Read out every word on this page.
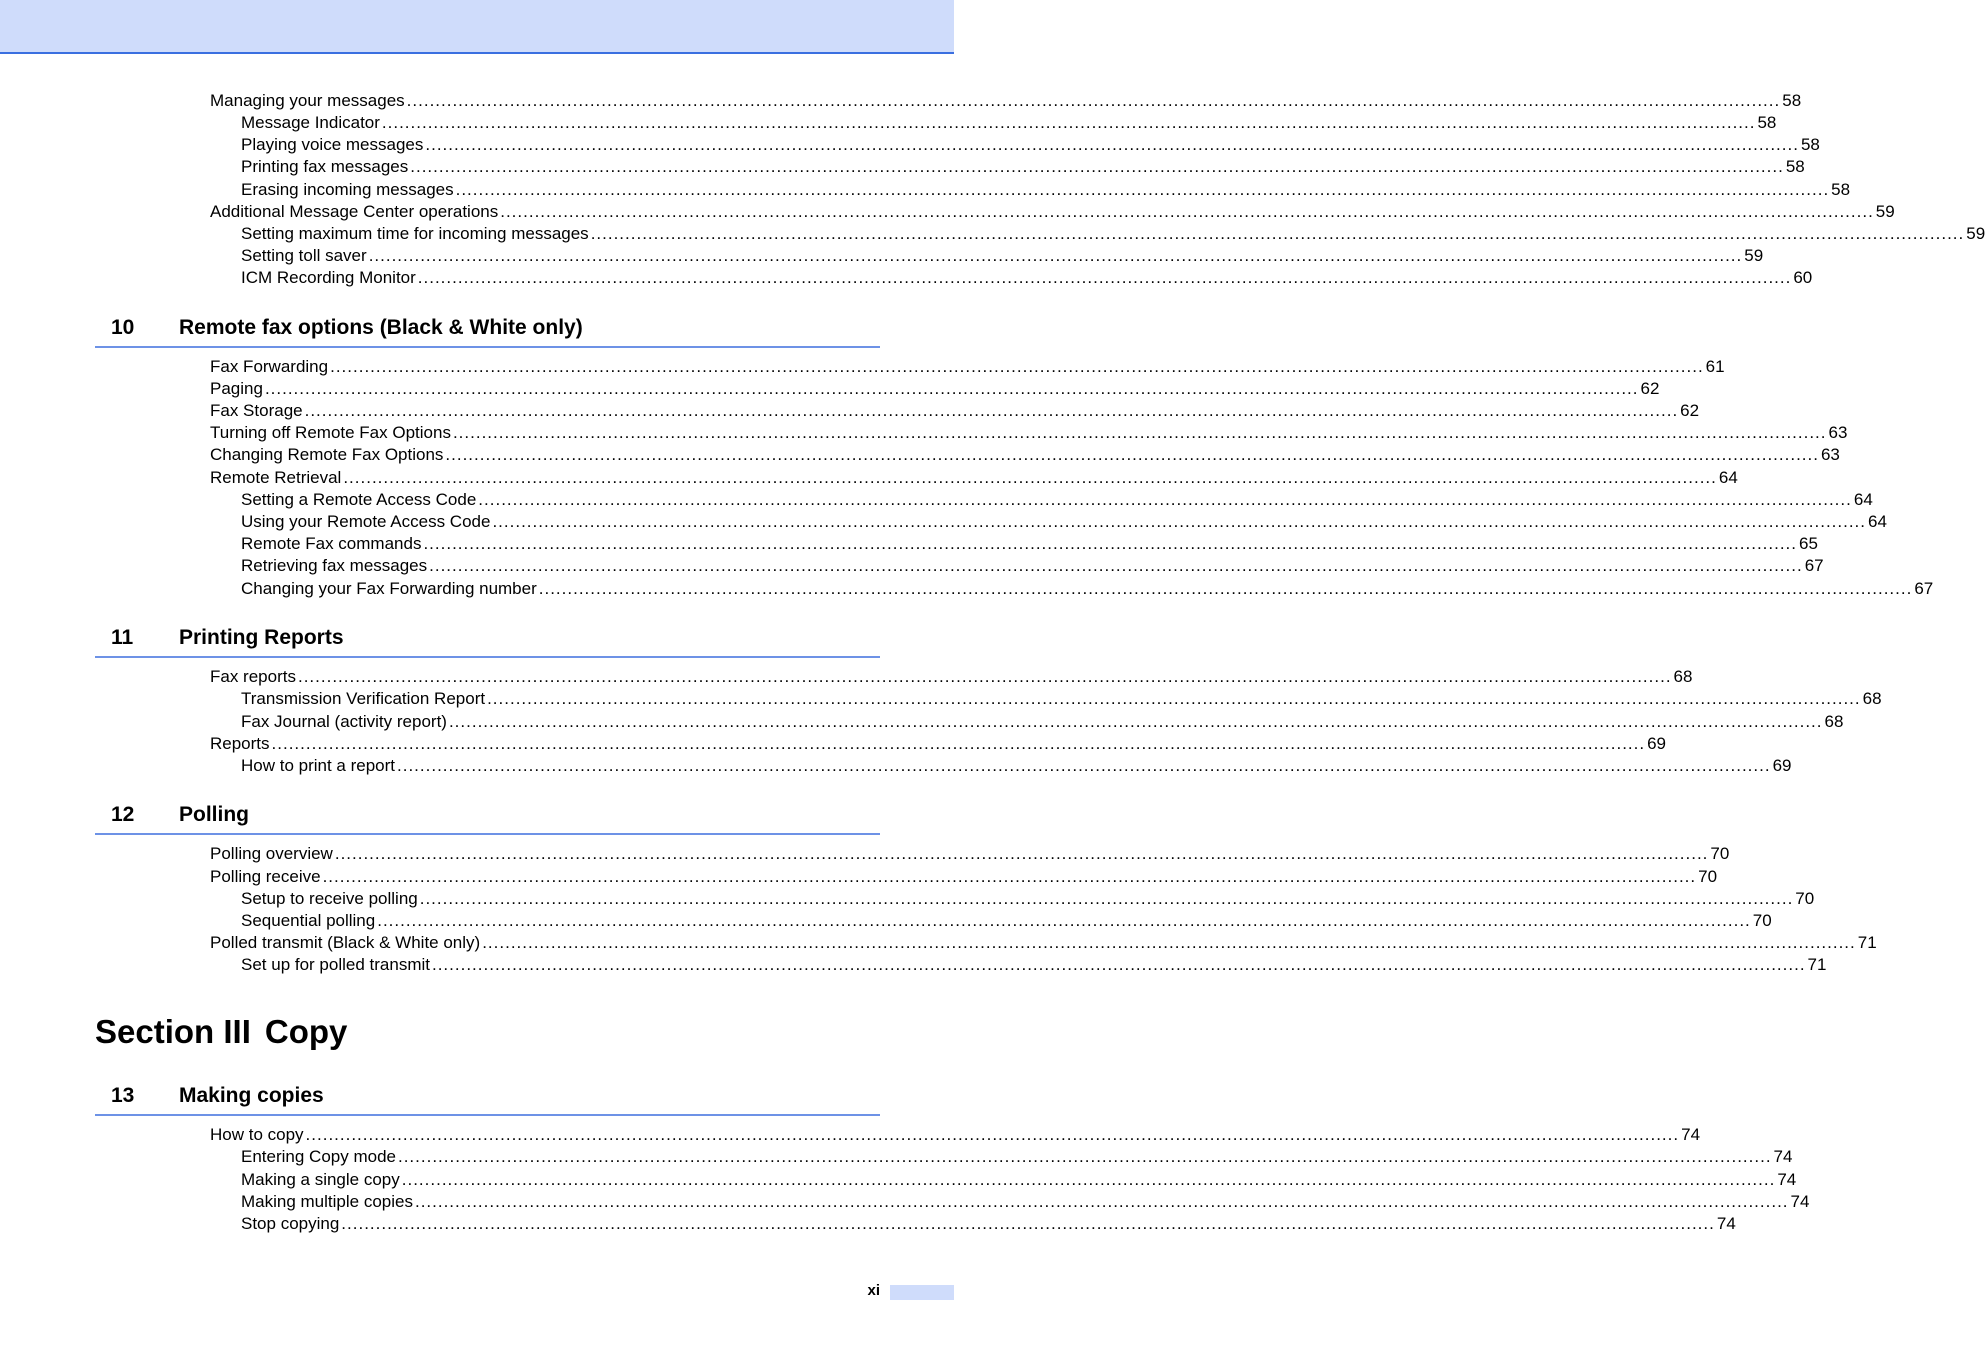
Managing your messages ................................................................................................................................................................................................................................................ 58
Message Indicator ................................................................................................................................................................................................................................................ 58
Playing voice messages ................................................................................................................................................................................................................................................ 58
Printing fax messages ................................................................................................................................................................................................................................................ 58
Erasing incoming messages ................................................................................................................................................................................................................................................ 58
Additional Message Center operations ................................................................................................................................................................................................................................................ 59
Setting maximum time for incoming messages ................................................................................................................................................................................................................................................ 59
Setting toll saver ................................................................................................................................................................................................................................................ 59
ICM Recording Monitor ................................................................................................................................................................................................................................................ 60
10 Remote fax options (Black & White only)
Fax Forwarding ................................................................................................................................................................................................................................................ 61
Paging ................................................................................................................................................................................................................................................ 62
Fax Storage ................................................................................................................................................................................................................................................ 62
Turning off Remote Fax Options ................................................................................................................................................................................................................................................ 63
Changing Remote Fax Options ................................................................................................................................................................................................................................................ 63
Remote Retrieval ................................................................................................................................................................................................................................................ 64
Setting a Remote Access Code ................................................................................................................................................................................................................................................ 64
Using your Remote Access Code ................................................................................................................................................................................................................................................ 64
Remote Fax commands ................................................................................................................................................................................................................................................ 65
Retrieving fax messages ................................................................................................................................................................................................................................................ 67
Changing your Fax Forwarding number ................................................................................................................................................................................................................................................ 67
11 Printing Reports
Fax reports ................................................................................................................................................................................................................................................ 68
Transmission Verification Report ................................................................................................................................................................................................................................................ 68
Fax Journal (activity report) ................................................................................................................................................................................................................................................ 68
Reports ................................................................................................................................................................................................................................................ 69
How to print a report ................................................................................................................................................................................................................................................ 69
12 Polling
Polling overview ................................................................................................................................................................................................................................................ 70
Polling receive ................................................................................................................................................................................................................................................ 70
Setup to receive polling ................................................................................................................................................................................................................................................ 70
Sequential polling ................................................................................................................................................................................................................................................ 70
Polled transmit (Black & White only) ................................................................................................................................................................................................................................................ 71
Set up for polled transmit ................................................................................................................................................................................................................................................ 71
Section III Copy
13 Making copies
How to copy ................................................................................................................................................................................................................................................ 74
Entering Copy mode ................................................................................................................................................................................................................................................ 74
Making a single copy ................................................................................................................................................................................................................................................ 74
Making multiple copies ................................................................................................................................................................................................................................................ 74
Stop copying ................................................................................................................................................................................................................................................ 74
xi
